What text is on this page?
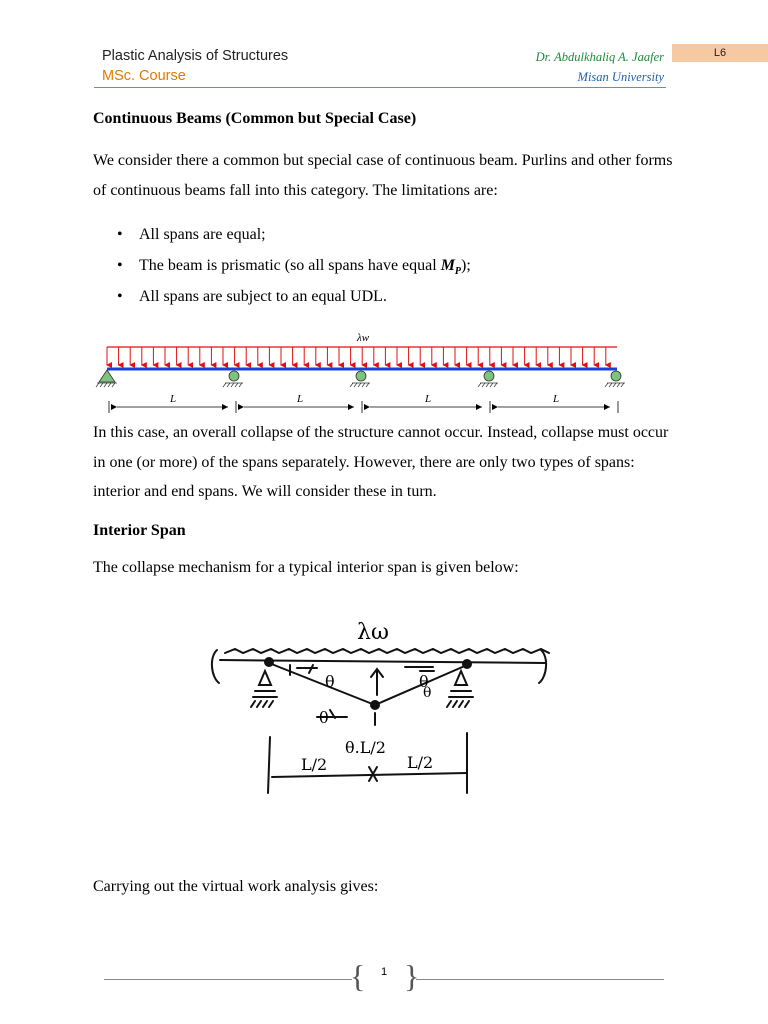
Plastic Analysis of Structures
MSc. Course
Dr. Abdulkhaliq A. Jaafer
Misan University
L6
Continuous Beams (Common but Special Case)

We consider there a common but special case of continuous beam. Purlins and other forms of continuous beams fall into this category. The limitations are:

• All spans are equal;
• The beam is prismatic (so all spans have equal $M_P$);
• All spans are subject to an equal UDL.
λw
L	L	L	L

In this case, an overall collapse of the structure cannot occur. Instead, collapse must occur in one (or more) of the spans separately. However, there are only two types of spans: interior and end spans. We will consider these in turn.

Interior Span

The collapse mechanism for a typical interior span is given below:

λω
θ	θ
θ
θ
θ.L/2
L/2	L/2

Carrying out the virtual work analysis gives:

{ }
1
